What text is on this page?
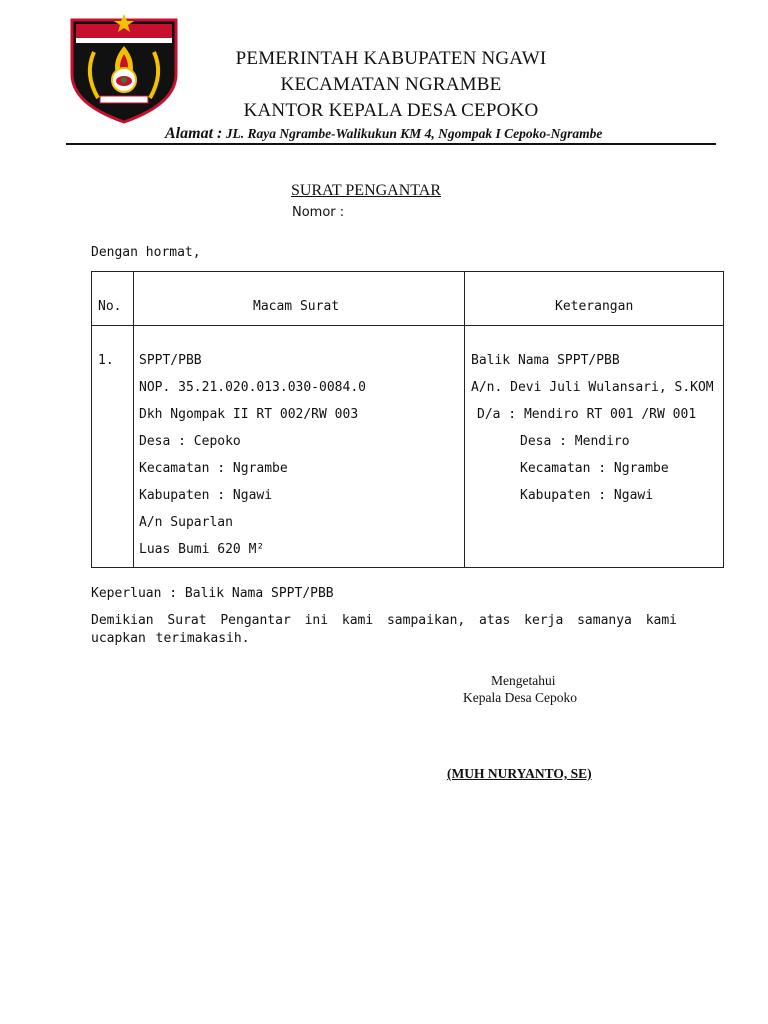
PEMERINTAH KABUPATEN NGAWI
KECAMATAN NGRAMBE
KANTOR KEPALA DESA CEPOKO
Alamat : JL. Raya Ngrambe-Walikukun KM 4, Ngompak I Cepoko-Ngrambe
SURAT PENGANTAR
Nomor :
Dengan hormat,
No.	Macam Surat	Keterangan
1. SPPT/PBB
NOP. 35.21.020.013.030-0084.0
Dkh Ngompak II RT 002/RW 003
Desa : Cepoko
Kecamatan : Ngrambe
Kabupaten : Ngawi
A/n Suparlan
Luas Bumi 620 M²
Balik Nama SPPT/PBB
A/n. Devi Juli Wulansari, S.KOM
D/a : Mendiro RT 001 /RW 001
Desa : Mendiro
Kecamatan : Ngrambe
Kabupaten : Ngawi
Keperluan : Balik Nama SPPT/PBB
Demikian Surat Pengantar ini kami sampaikan, atas kerja samanya kami ucapkan terimakasih.
Mengetahui
Kepala Desa Cepoko
(MUH NURYANTO, SE)
